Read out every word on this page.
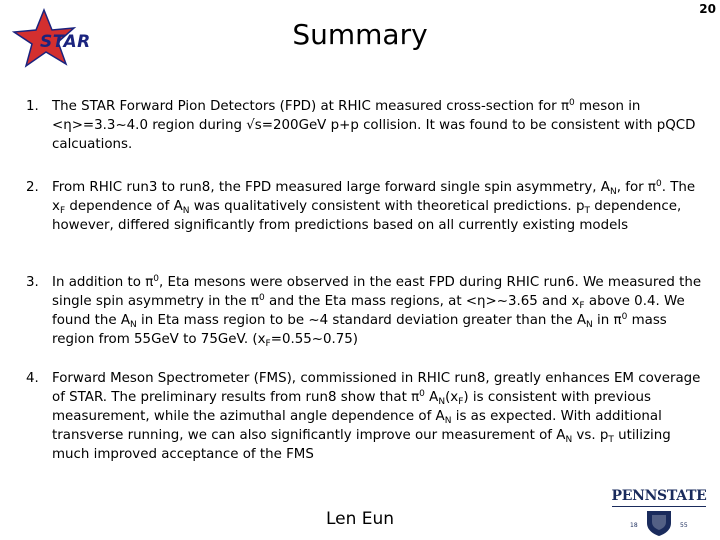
20
STAR	Summary
1. The STAR Forward Pion Detectors (FPD) at RHIC measured cross-section for $\pi^0$ meson in <η>=3.3~4.0 region during √s=200GeV p+p collision. It was found to be consistent with pQCD calcuations.
2. From RHIC run3 to run8, the FPD measured large forward single spin asymmetry, $A_N$, for $\pi^0$. The $x_F$ dependence of $A_N$ was qualitatively consistent with theoretical predictions. $p_T$ dependence, however, differed significantly from predictions based on all currently existing models
3. In addition to $\pi^0$, Eta mesons were observed in the east FPD during RHIC run6. We measured the single spin asymmetry in the $\pi^0$ and the Eta mass regions, at <η>~3.65 and $x_F$ above 0.4. We found the $A_N$ in Eta mass region to be ~4 standard deviation greater than the $A_N$ in $\pi^0$ mass region from 55GeV to 75GeV. $(x_F=0.55\sim 0.75)$
4. Forward Meson Spectrometer (FMS), commissioned in RHIC run8, greatly enhances EM coverage of STAR. The preliminary results from run8 show that $\pi^0$ $A_N(x_F)$ is consistent with previous measurement, while the azimuthal angle dependence of $A_N$ is as expected. With additional transverse running, we can also significantly improve our measurement of $A_N$ vs. $p_T$ utilizing much improved acceptance of the FMS
Len Eun
PENNSTATE
18	55
